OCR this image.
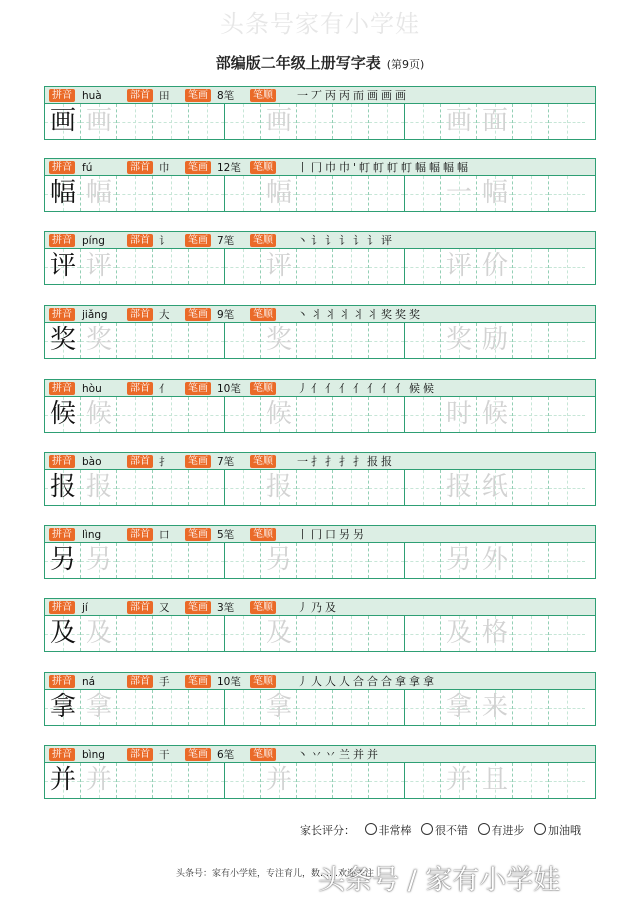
头条号家有小学娃
部编版二年级上册写字表 (第9页)
拼音 huà	部首 田	笔画 8笔	笔顺 一丆丙丙而画画画
画 画	画	画 面
拼音 fú	部首 巾	笔画 12笔	笔顺 丨冂巾巾'帄帄帄帄幅幅幅幅
幅 幅	幅	一 幅
拼音 píng	部首 讠	笔画 7笔	笔顺 丶讠讠讠讠讠评
评 评	评	评 价
拼音 jiǎng	部首 大	笔画 9笔	笔顺 丶丬丬丬丬丬奖奖奖
奖 奖	奖	奖 励
拼音 hòu	部首 亻	笔画 10笔	笔顺 丿亻亻亻亻亻亻亻候候
候 候	候	时 候
拼音 bào	部首 扌	笔画 7笔	笔顺 一扌扌扌扌报报
报 报	报	报 纸
拼音 lìng	部首 口	笔画 5笔	笔顺 丨冂口另另
另 另	另	另 外
拼音 jí	部首 又	笔画 3笔	笔顺 丿乃及
及 及	及	及 格
拼音 ná	部首 手	笔画 10笔	笔顺 丿人人人合合合拿拿拿
拿 拿	拿	拿 来
拼音 bìng	部首 干	笔画 6笔	笔顺 丶丷丷兰并并
并 并	并	并 且
家长评分： 非常棒 很不错 有进步 加油哦
头条号：家有小学娃，专注育儿，数……欢迎关注
头条号 / 家有小学娃
